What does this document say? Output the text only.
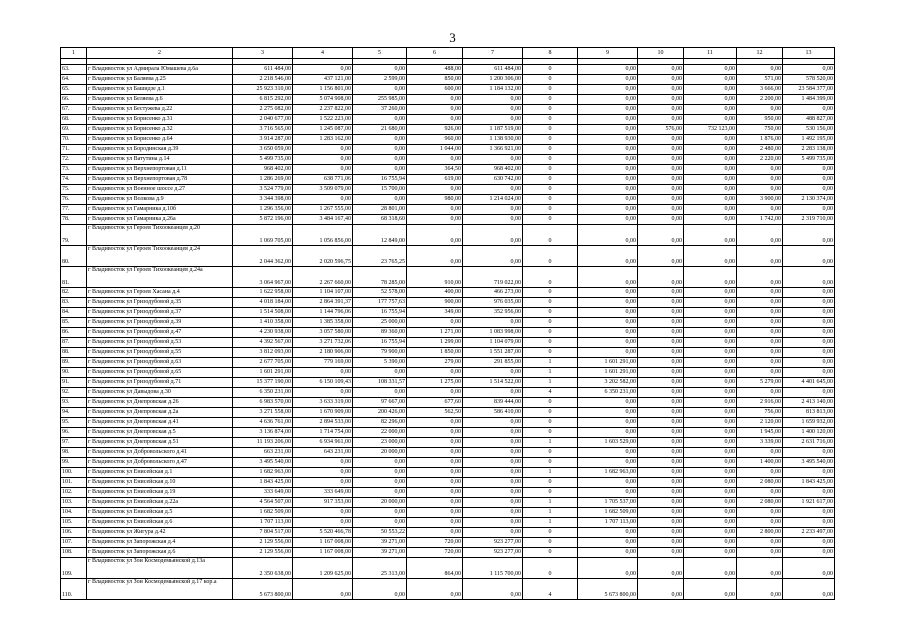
3
1	2	3	4	5	6	7	8	9	10	11	12	13

63.	г Владивосток ул Адмирала Юмашева д.6а	611 484,00	0,00	0,00	488,00	611 484,00	0	0,00	0,00	0,00	0,00	0,00
64.	г Владивосток ул Баляева д.25	2 218 546,00	437 121,00	2 599,00	850,00	1 200 306,00	0	0,00	0,00	0,00	571,00	578 520,00
65.	г Владивосток ул Башидзе д.1	25 923 310,00	1 156 801,00	0,00	600,00	1 184 132,00	0	0,00	0,00	0,00	3 666,00	23 584 377,00
66.	г Владивосток ул Беляева д.6	6 815 292,00	5 074 908,00	255 985,00	0,00	0,00	0	0,00	0,00	0,00	2 200,00	1 484 399,00
67.	г Владивосток ул Бестужева д.22	2 275 082,00	2 237 822,00	37 260,00	0,00	0,00	0	0,00	0,00	0,00	0,00	0,00
68.	г Владивосток ул Борисенко д.31	2 040 677,00	1 522 223,00	0,00	0,00	0,00	0	0,00	0,00	0,00	950,00	488 827,00
69.	г Владивосток ул Борисенко д.32	3 716 565,00	1 245 087,00	21 680,00	926,00	1 187 519,00	0	0,00	576,00	732 123,00	750,00	530 156,00
70.	г Владивосток ул Борисенко д.64	3 914 287,00	1 283 162,00	0,00	960,00	1 138 930,00	0	0,00	0,00	0,00	1 876,00	1 492 195,00
71.	г Владивосток ул Бородинская д.39	3 650 059,00	0,00	0,00	1 044,00	1 366 921,00	0	0,00	0,00	0,00	2 480,00	2 283 138,00
72.	г Владивосток ул Ватутина д.14	5 499 735,00	0,00	0,00	0,00	0,00	0	0,00	0,00	0,00	2 220,00	5 499 735,00
73.	г Владивосток ул Верхнепортовая д.11	968 402,00	0,00	0,00	364,50	968 402,00	0	0,00	0,00	0,00	0,00	0,00
74.	г Владивосток ул Верхнепортовая д.78	1 286 269,00	638 771,06	16 755,94	619,00	630 742,00	0	0,00	0,00	0,00	0,00	0,00
75.	г Владивосток ул Военное шоссе д.27	3 524 779,00	3 509 079,00	15 700,00	0,00	0,00	0	0,00	0,00	0,00	0,00	0,00
76.	г Владивосток ул Волкова д.9	3 344 398,00	0,00	0,00	980,00	1 214 024,00	0	0,00	0,00	0,00	3 900,00	2 130 374,00
77.	г Владивосток ул Гамарника д.10б	1 296 356,00	1 267 555,00	28 801,00	0,00	0,00	0	0,00	0,00	0,00	0,00	0,00
78.	г Владивосток ул Гамарника д.26а	5 872 196,00	3 484 167,40	68 318,60	0,00	0,00	0	0,00	0,00	0,00	1 742,00	2 319 710,00
79.	г Владивосток ул Героев Тихоокеанцев д.20	1 069 705,00	1 056 856,00	12 849,00	0,00	0,00	0	0,00	0,00	0,00	0,00	0,00
80.	г Владивосток ул Героев Тихоокеанцев д.24	2 044 362,00	2 020 596,75	23 765,25	0,00	0,00	0	0,00	0,00	0,00	0,00	0,00
81.	г Владивосток ул Героев Тихоокеанцев д.24а	3 064 967,00	2 267 660,00	78 285,00	910,00	719 022,00	0	0,00	0,00	0,00	0,00	0,00
82.	г Владивосток ул Героев Хасана д.4	1 622 958,00	1 104 107,00	52 578,00	400,00	466 273,00	0	0,00	0,00	0,00	0,00	0,00
83.	г Владивосток ул Гризодубовой д.35	4 018 184,00	2 864 391,37	177 757,63	900,00	976 035,00	0	0,00	0,00	0,00	0,00	0,00
84.	г Владивосток ул Гризодубовой д.37	1 514 508,00	1 144 796,06	16 755,94	349,00	352 956,00	0	0,00	0,00	0,00	0,00	0,00
85.	г Владивосток ул Гризодубовой д.39	1 410 358,00	1 385 358,00	25 000,00	0,00	0,00	0	0,00	0,00	0,00	0,00	0,00
86.	г Владивосток ул Гризодубовой д.47	4 230 938,00	3 057 580,00	89 360,00	1 271,00	1 083 998,00	0	0,00	0,00	0,00	0,00	0,00
87.	г Владивосток ул Гризодубовой д.53	4 392 567,00	3 271 732,06	16 755,94	1 299,00	1 104 079,00	0	0,00	0,00	0,00	0,00	0,00
88.	г Владивосток ул Гризодубовой д.55	3 812 093,00	2 180 906,00	79 900,00	1 850,00	1 551 287,00	0	0,00	0,00	0,00	0,00	0,00
89.	г Владивосток ул Гризодубовой д.63	2 677 705,00	779 169,00	5 390,00	279,00	291 855,00	1	1 601 291,00	0,00	0,00	0,00	0,00
90.	г Владивосток ул Гризодубовой д.65	1 601 291,00	0,00	0,00	0,00	0,00	1	1 601 291,00	0,00	0,00	0,00	0,00
91.	г Владивосток ул Гризодубовой д.71	15 377 190,00	6 150 109,43	108 331,57	1 275,00	1 514 522,00	1	3 202 582,00	0,00	0,00	5 279,00	4 401 645,00
92.	г Владивосток ул Давыдова д.30	6 350 231,00	0,00	0,00	0,00	0,00	4	6 350 231,00	0,00	0,00	0,00	0,00
93.	г Владивосток ул Днепровская д.26	6 983 570,00	3 633 319,00	97 667,00	677,60	839 444,00	0	0,00	0,00	0,00	2 916,00	2 413 140,00
94.	г Владивосток ул Днепровская д.2а	3 271 558,00	1 670 909,00	200 426,00	562,50	586 410,00	0	0,00	0,00	0,00	756,00	813 813,00
95.	г Владивосток ул Днепровская д.41	4 636 761,00	2 894 533,00	82 296,00	0,00	0,00	0	0,00	0,00	0,00	2 120,00	1 659 932,00
96.	г Владивосток ул Днепровская д.5	3 136 874,00	1 714 754,00	22 000,00	0,00	0,00	0	0,00	0,00	0,00	1 945,00	1 400 120,00
97.	г Владивосток ул Днепровская д.51	11 193 206,00	6 934 961,00	23 000,00	0,00	0,00	1	1 603 529,00	0,00	0,00	3 339,00	2 631 716,00
98.	г Владивосток ул Добровольского д.41	663 231,00	643 231,00	20 000,00	0,00	0,00	0	0,00	0,00	0,00	0,00	0,00
99.	г Владивосток ул Добровольского д.47	3 495 540,00	0,00	0,00	0,00	0,00	0	0,00	0,00	0,00	1 400,00	3 495 540,00
100.	г Владивосток ул Енисейская д.1	1 682 963,00	0,00	0,00	0,00	0,00	1	1 682 963,00	0,00	0,00	0,00	0,00
101.	г Владивосток ул Енисейская д.10	1 843 425,00	0,00	0,00	0,00	0,00	0	0,00	0,00	0,00	2 080,00	1 843 425,00
102.	г Владивосток ул Енисейская д.19	333 649,00	333 649,00	0,00	0,00	0,00	0	0,00	0,00	0,00	0,00	0,00
103.	г Владивосток ул Енисейская д.22а	4 564 507,00	917 353,00	20 000,00	0,00	0,00	1	1 705 537,00	0,00	0,00	2 080,00	1 921 617,00
104.	г Владивосток ул Енисейская д.5	1 682 509,00	0,00	0,00	0,00	0,00	1	1 682 509,00	0,00	0,00	0,00	0,00
105.	г Владивосток ул Енисейская д.6	1 707 113,00	0,00	0,00	0,00	0,00	1	1 707 113,00	0,00	0,00	0,00	0,00
106.	г Владивосток ул Жигура д.42	7 804 517,00	5 520 466,78	50 553,22	0,00	0,00	0	0,00	0,00	0,00	2 800,00	2 233 497,00
107.	г Владивосток ул Запорожская д.4	2 129 556,00	1 167 008,00	39 271,00	720,00	923 277,00	0	0,00	0,00	0,00	0,00	0,00
108.	г Владивосток ул Запорожская д.6	2 129 556,00	1 167 008,00	39 271,00	720,00	923 277,00	0	0,00	0,00	0,00	0,00	0,00
109.	г Владивосток ул Зои Космодемьянской д.13а	2 350 638,00	1 209 625,00	25 313,00	864,00	1 115 700,00	0	0,00	0,00	0,00	0,00	0,00
110.	г Владивосток ул Зои Космодемьянской д.17 кор.а	5 673 800,00	0,00	0,00	0,00	0,00	4	5 673 800,00	0,00	0,00	0,00	0,00
